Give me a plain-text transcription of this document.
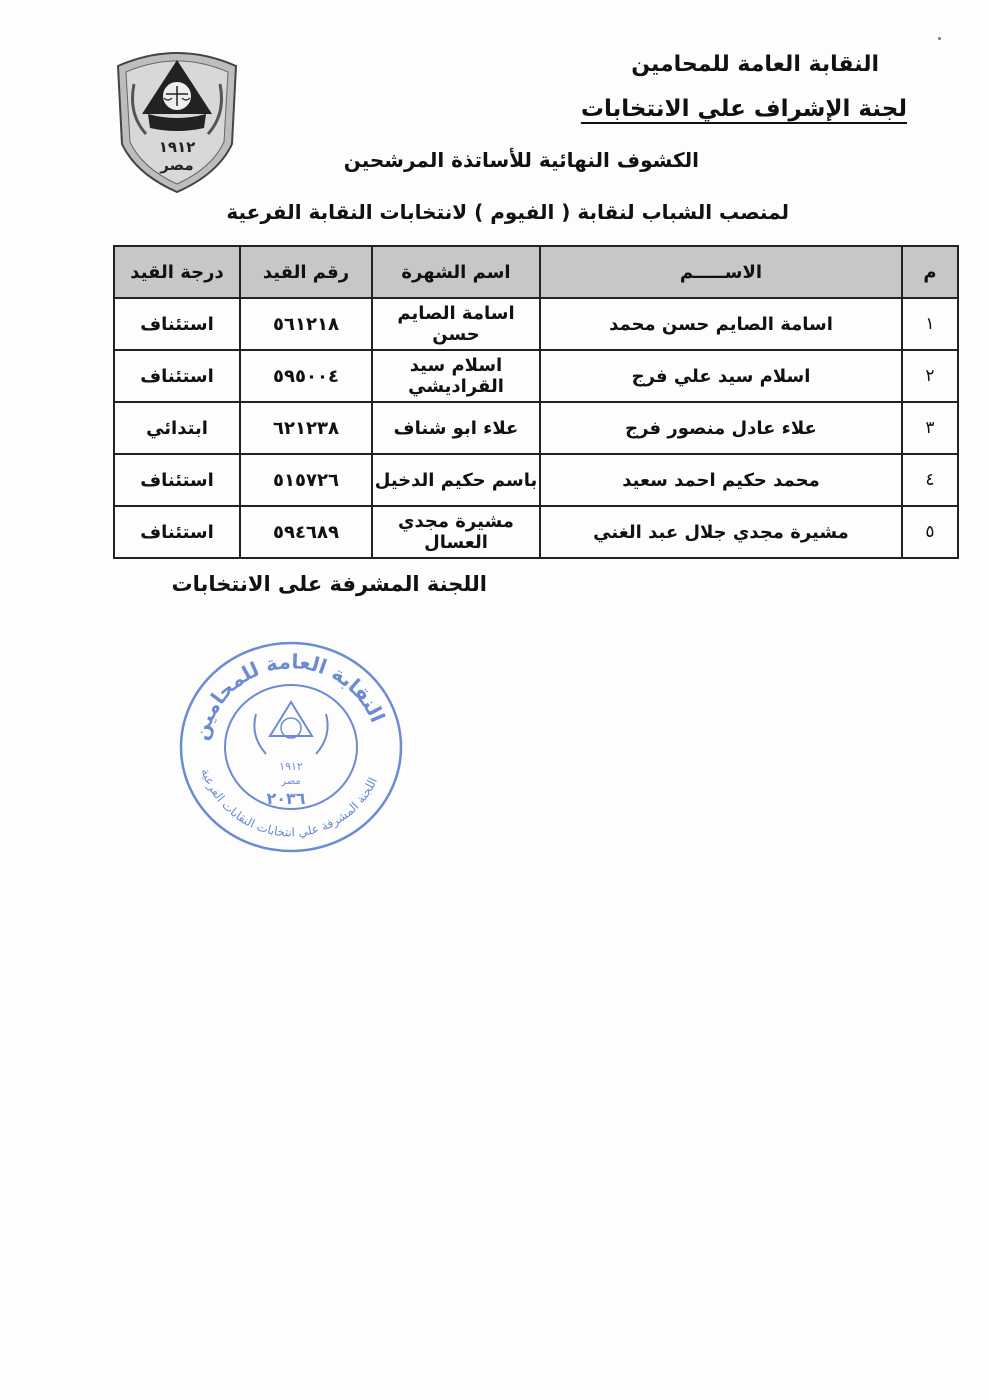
١٩١٢
مصر
النقابة العامة للمحامين
لجنة الإشراف علي الانتخابات
الكشوف النهائية للأساتذة المرشحين
لمنصب الشباب لنقابة ( الفيوم ) لانتخابات النقابة الفرعية
م	الاســـــم	اسم الشهرة	رقم القيد	درجة القيد
١	اسامة الصايم حسن محمد	اسامة الصايم حسن	٥٦١٢١٨	استئناف
٢	اسلام سيد علي فرج	اسلام سيد القراديشي	٥٩٥٠٠٤	استئناف
٣	علاء عادل منصور فرج	علاء ابو شناف	٦٢١٢٣٨	ابتدائي
٤	محمد حكيم احمد سعيد	باسم حكيم الدخيل	٥١٥٧٢٦	استئناف
٥	مشيرة مجدي جلال عبد الغني	مشيرة مجدي العسال	٥٩٤٦٨٩	استئناف
اللجنة المشرفة على الانتخابات
النقابة العامة للمحامين
اللجنة المشرفة علي انتخابات النقابات الفرعية
١٩١٢
مصر
٢٠٣٦
